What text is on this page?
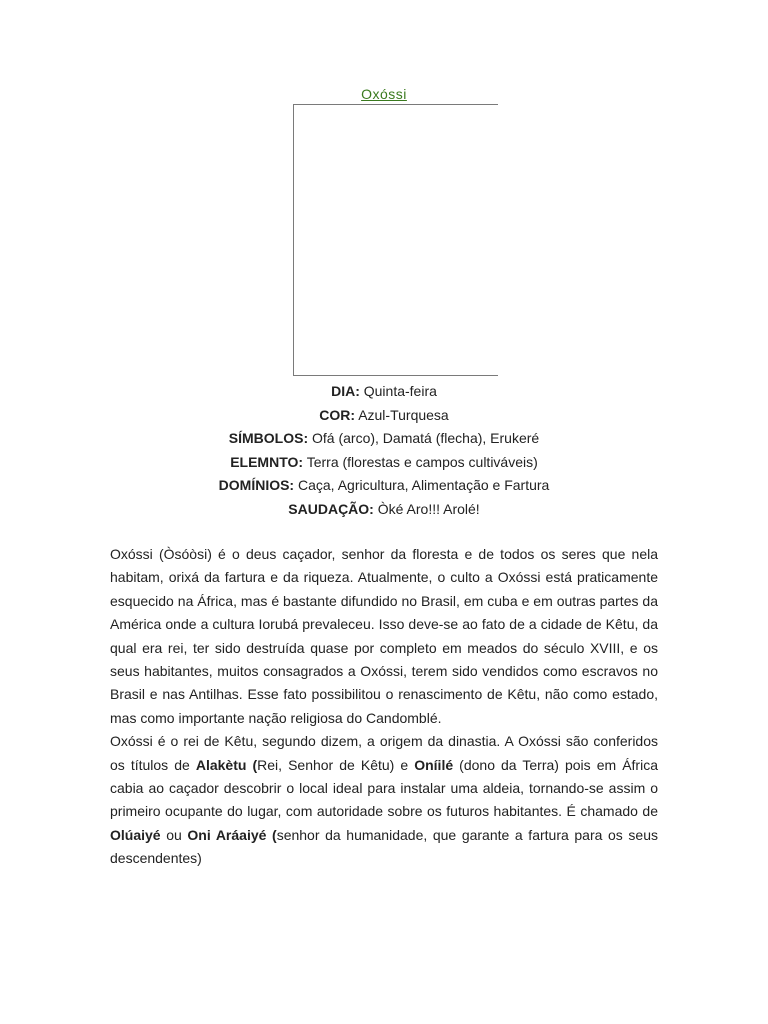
Oxóssi
DIA: Quinta-feira
COR: Azul-Turquesa
SÍMBOLOS: Ofá (arco), Damatá (flecha), Erukeré
ELEMNTO: Terra (florestas e campos cultiváveis)
DOMÍNIOS: Caça, Agricultura, Alimentação e Fartura
SAUDAÇÃO: Òké Aro!!! Arolé!

Oxóssi (Òsóòsi) é o deus caçador, senhor da floresta e de todos os seres que nela habitam, orixá da fartura e da riqueza. Atualmente, o culto a Oxóssi está praticamente esquecido na África, mas é bastante difundido no Brasil, em cuba e em outras partes da América onde a cultura Iorubá prevaleceu. Isso deve-se ao fato de a cidade de Kêtu, da qual era rei, ter sido destruída quase por completo em meados do século XVIII, e os seus habitantes, muitos consagrados a Oxóssi, terem sido vendidos como escravos no Brasil e nas Antilhas. Esse fato possibilitou o renascimento de Kêtu, não como estado, mas como importante nação religiosa do Candomblé.

Oxóssi é o rei de Kêtu, segundo dizem, a origem da dinastia. A Oxóssi são conferidos os títulos de Alakètu (Rei, Senhor de Kêtu) e Oníilé (dono da Terra) pois em África cabia ao caçador descobrir o local ideal para instalar uma aldeia, tornando-se assim o primeiro ocupante do lugar, com autoridade sobre os futuros habitantes. É chamado de Olúaiyé ou Oni Aráaiyé (senhor da humanidade, que garante a fartura para os seus descendentes)
